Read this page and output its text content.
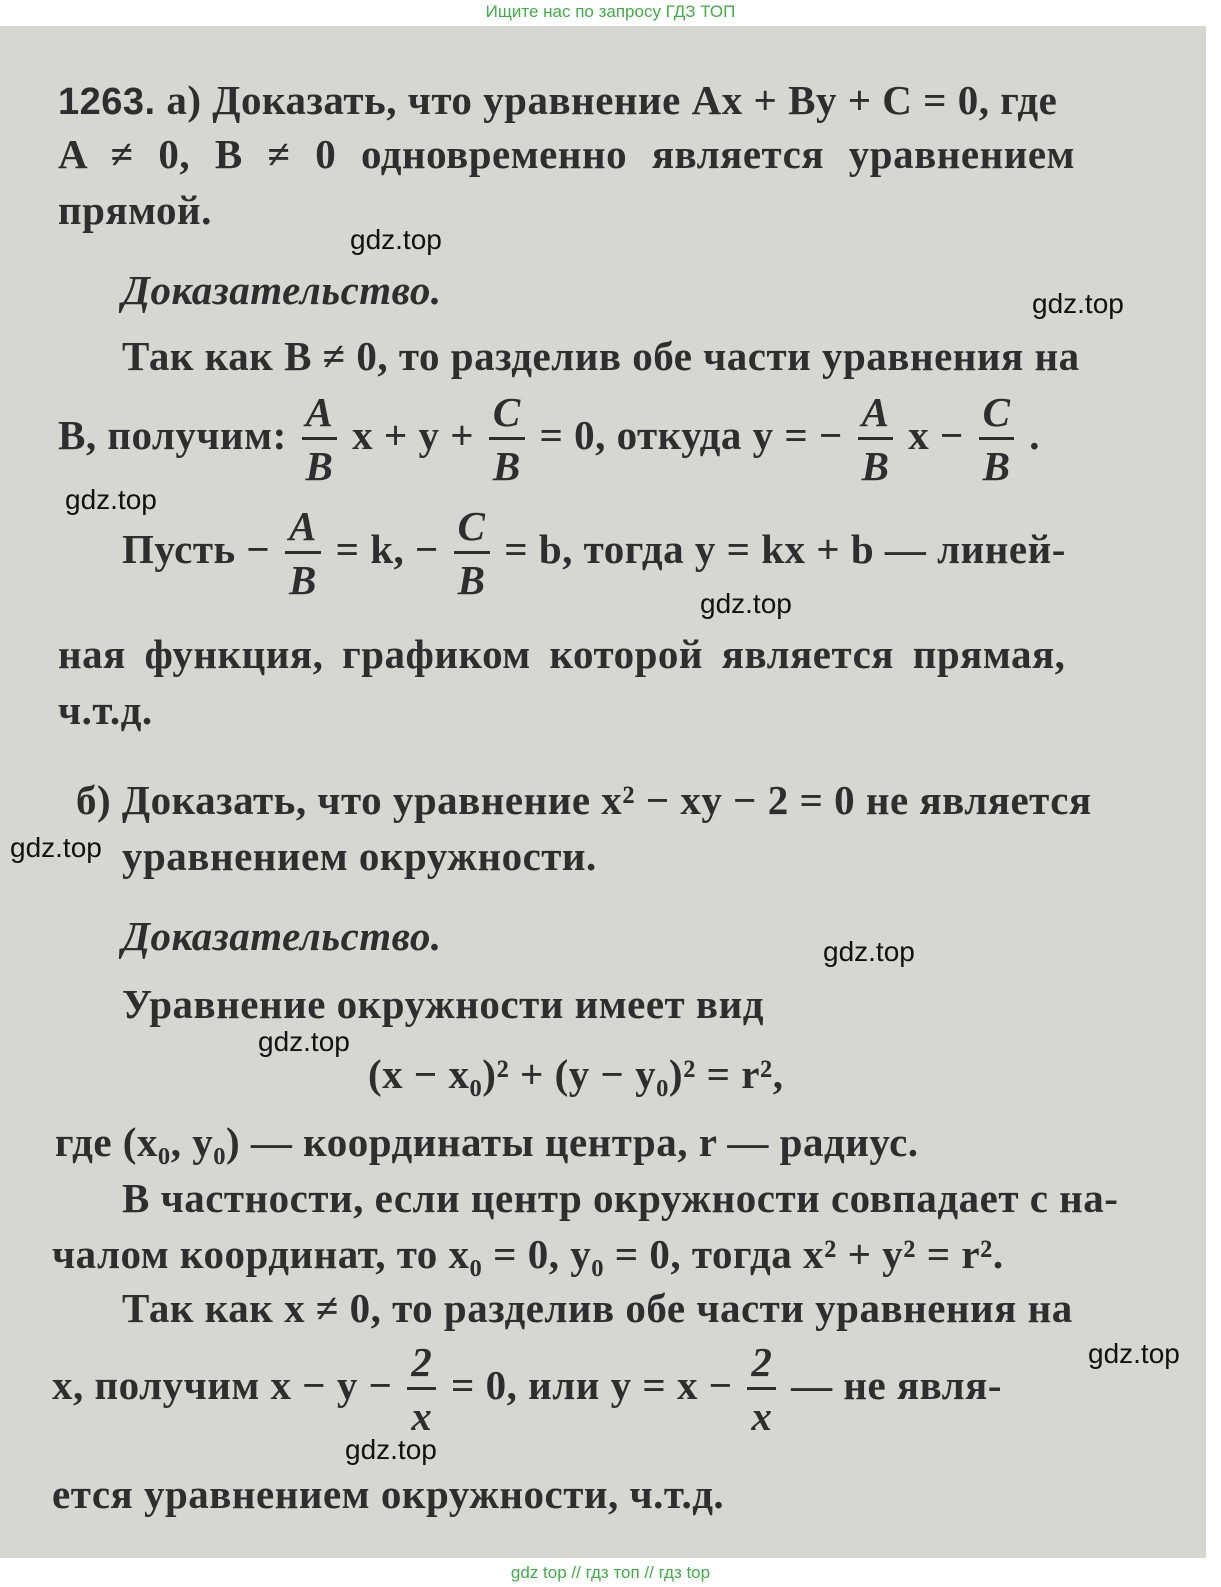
Ищите нас по запросу ГДЗ ТОП
1263. а) Доказать, что уравнение Ax + By + C = 0, где
A ≠ 0, B ≠ 0 одновременно является уравнением
прямой.
Доказательство.
Так как B ≠ 0, то разделив обе части уравнения на
B, получим: $\frac{A}{B}$ $x + y + \frac{C}{B} = 0$, откуда y = − $\frac{A}{B}$ $x - \frac{C}{B}$ .
Пусть − $\frac{A}{B} = k$, − $\frac{C}{B} = b$, тогда y = kx + b — линей-
ная функция, графиком которой является прямая,
ч.т.д.
б) Доказать, что уравнение x² − xy − 2 = 0 не является
уравнением окружности.
Доказательство.
Уравнение окружности имеет вид
(x − x₀)² + (y − y₀)² = r²,
где (x₀, y₀) — координаты центра, r — радиус.
В частности, если центр окружности совпадает с на-
чалом координат, то x₀ = 0, y₀ = 0, тогда x² + y² = r².
Так как x ≠ 0, то разделив обе части уравнения на
x, получим $x - y - \frac{2}{x} = 0$, или $y = x - \frac{2}{x}$ — не явля-
ется уравнением окружности, ч.т.д.
gdz.top
gdz.top
gdz.top
gdz.top
gdz.top
gdz.top
gdz.top
gdz.top
gdz.top
gdz top // гдз топ // гдз top
